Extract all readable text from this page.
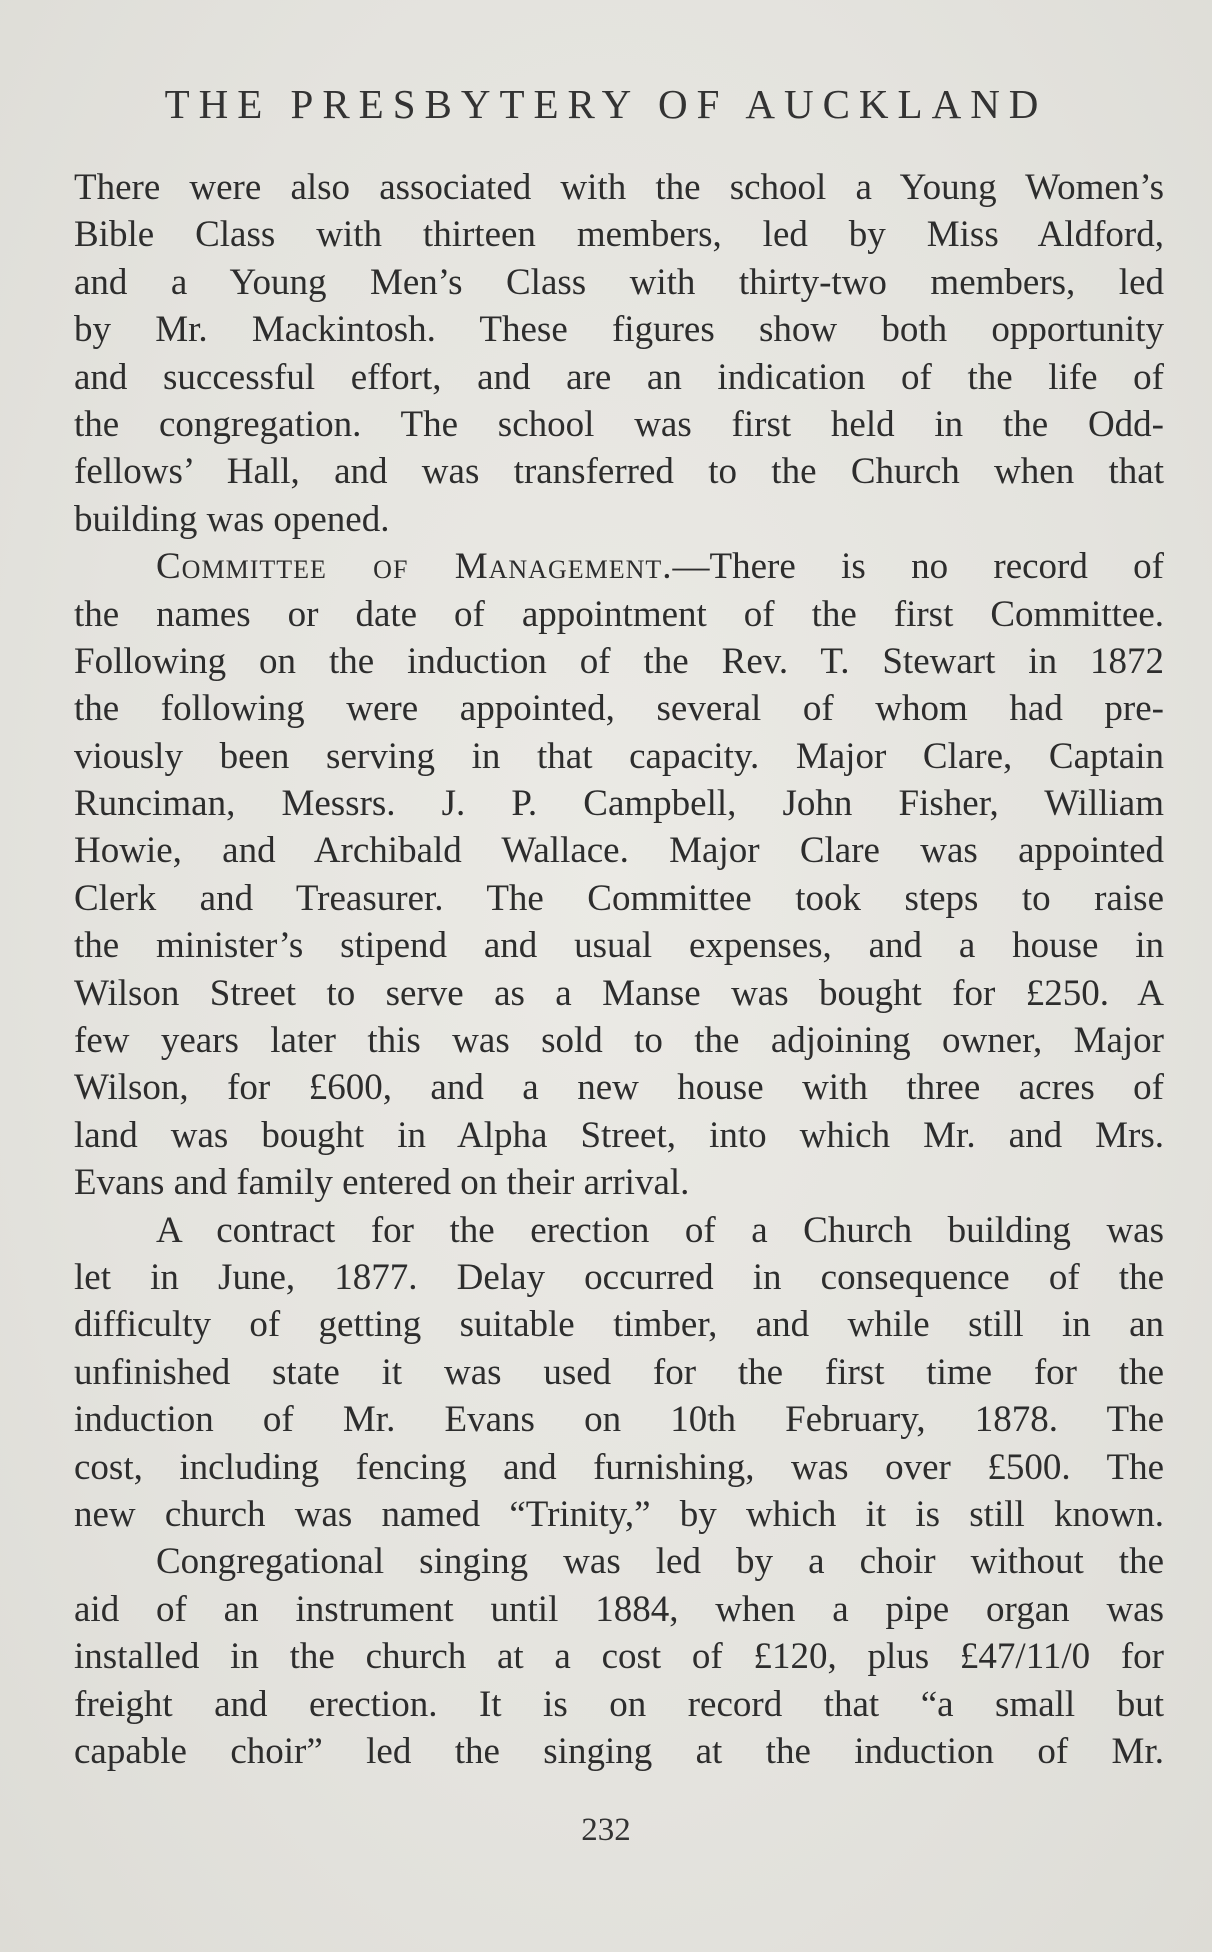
THE PRESBYTERY OF AUCKLAND
There were also associated with the school a Young Women’s
Bible Class with thirteen members, led by Miss Aldford,
and a Young Men’s Class with thirty-two members, led
by Mr. Mackintosh. These figures show both opportunity
and successful effort, and are an indication of the life of
the congregation. The school was first held in the Odd-
fellows’ Hall, and was transferred to the Church when that
building was opened.
Committee of Management.—There is no record of
the names or date of appointment of the first Committee.
Following on the induction of the Rev. T. Stewart in 1872
the following were appointed, several of whom had pre-
viously been serving in that capacity. Major Clare, Captain
Runciman, Messrs. J. P. Campbell, John Fisher, William
Howie, and Archibald Wallace. Major Clare was appointed
Clerk and Treasurer. The Committee took steps to raise
the minister’s stipend and usual expenses, and a house in
Wilson Street to serve as a Manse was bought for £250. A
few years later this was sold to the adjoining owner, Major
Wilson, for £600, and a new house with three acres of
land was bought in Alpha Street, into which Mr. and Mrs.
Evans and family entered on their arrival.
A contract for the erection of a Church building was
let in June, 1877. Delay occurred in consequence of the
difficulty of getting suitable timber, and while still in an
unfinished state it was used for the first time for the
induction of Mr. Evans on 10th February, 1878. The
cost, including fencing and furnishing, was over £500. The
new church was named “Trinity,” by which it is still known.
Congregational singing was led by a choir without the
aid of an instrument until 1884, when a pipe organ was
installed in the church at a cost of £120, plus £47/11/0 for
freight and erection. It is on record that “a small but
capable choir” led the singing at the induction of Mr.
232
